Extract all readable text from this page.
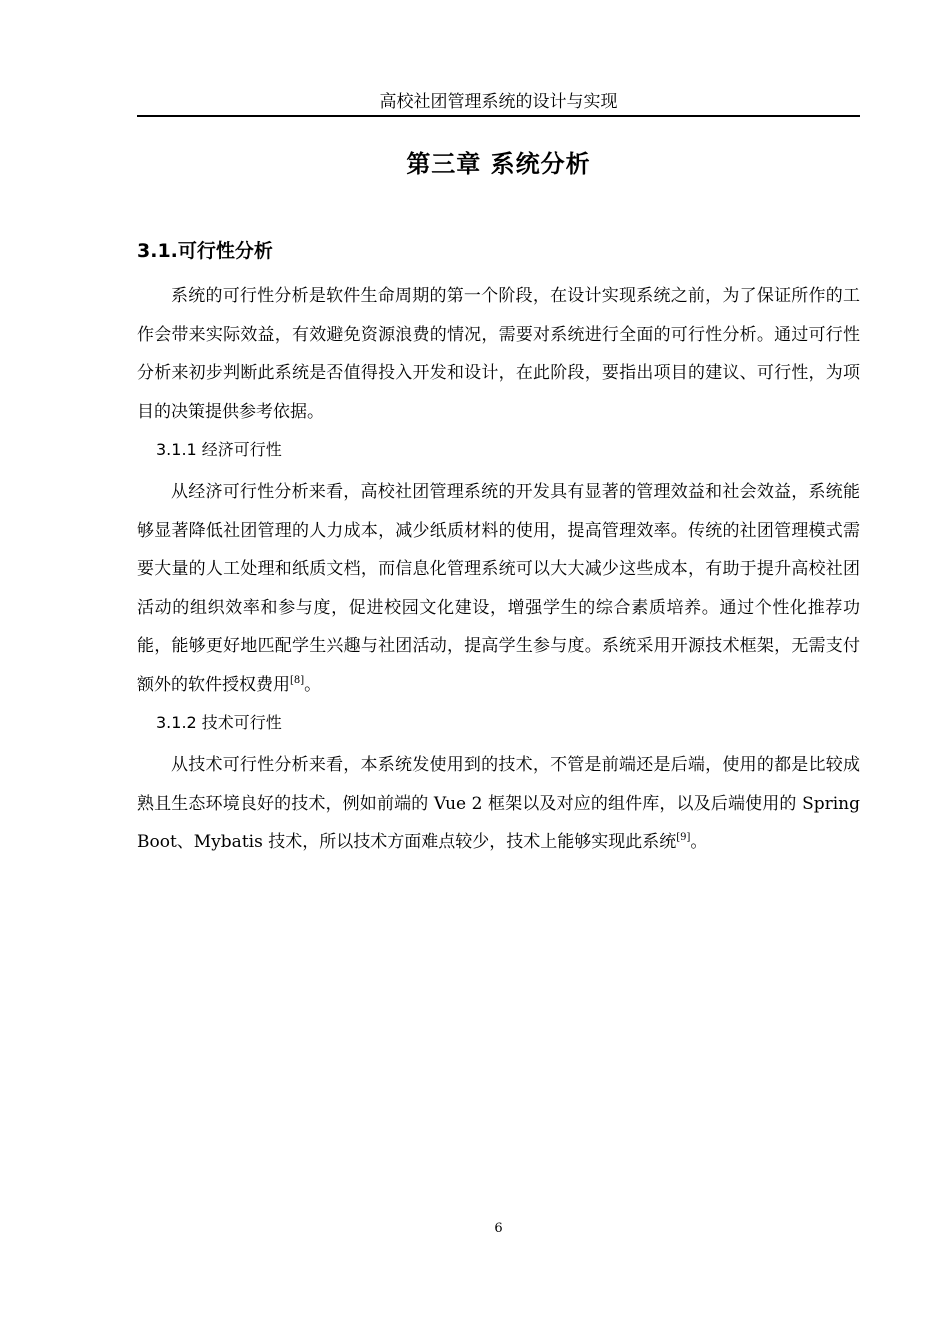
高校社团管理系统的设计与实现
第三章 系统分析
3.1.可行性分析

系统的可行性分析是软件生命周期的第一个阶段，在设计实现系统之前，为了保证所作的工作会带来实际效益，有效避免资源浪费的情况，需要对系统进行全面的可行性分析。通过可行性分析来初步判断此系统是否值得投入开发和设计，在此阶段，要指出项目的建议、可行性，为项目的决策提供参考依据。

3.1.1 经济可行性

从经济可行性分析来看，高校社团管理系统的开发具有显著的管理效益和社会效益，系统能够显著降低社团管理的人力成本，减少纸质材料的使用，提高管理效率。传统的社团管理模式需要大量的人工处理和纸质文档，而信息化管理系统可以大大减少这些成本，有助于提升高校社团活动的组织效率和参与度，促进校园文化建设，增强学生的综合素质培养。通过个性化推荐功能，能够更好地匹配学生兴趣与社团活动，提高学生参与度。系统采用开源技术框架，无需支付额外的软件授权费用[8]。

3.1.2 技术可行性

从技术可行性分析来看，本系统发使用到的技术，不管是前端还是后端，使用的都是比较成熟且生态环境良好的技术，例如前端的 Vue 2 框架以及对应的组件库，以及后端使用的 Spring Boot、Mybatis 技术，所以技术方面难点较少，技术上能够实现此系统[9]。

6
